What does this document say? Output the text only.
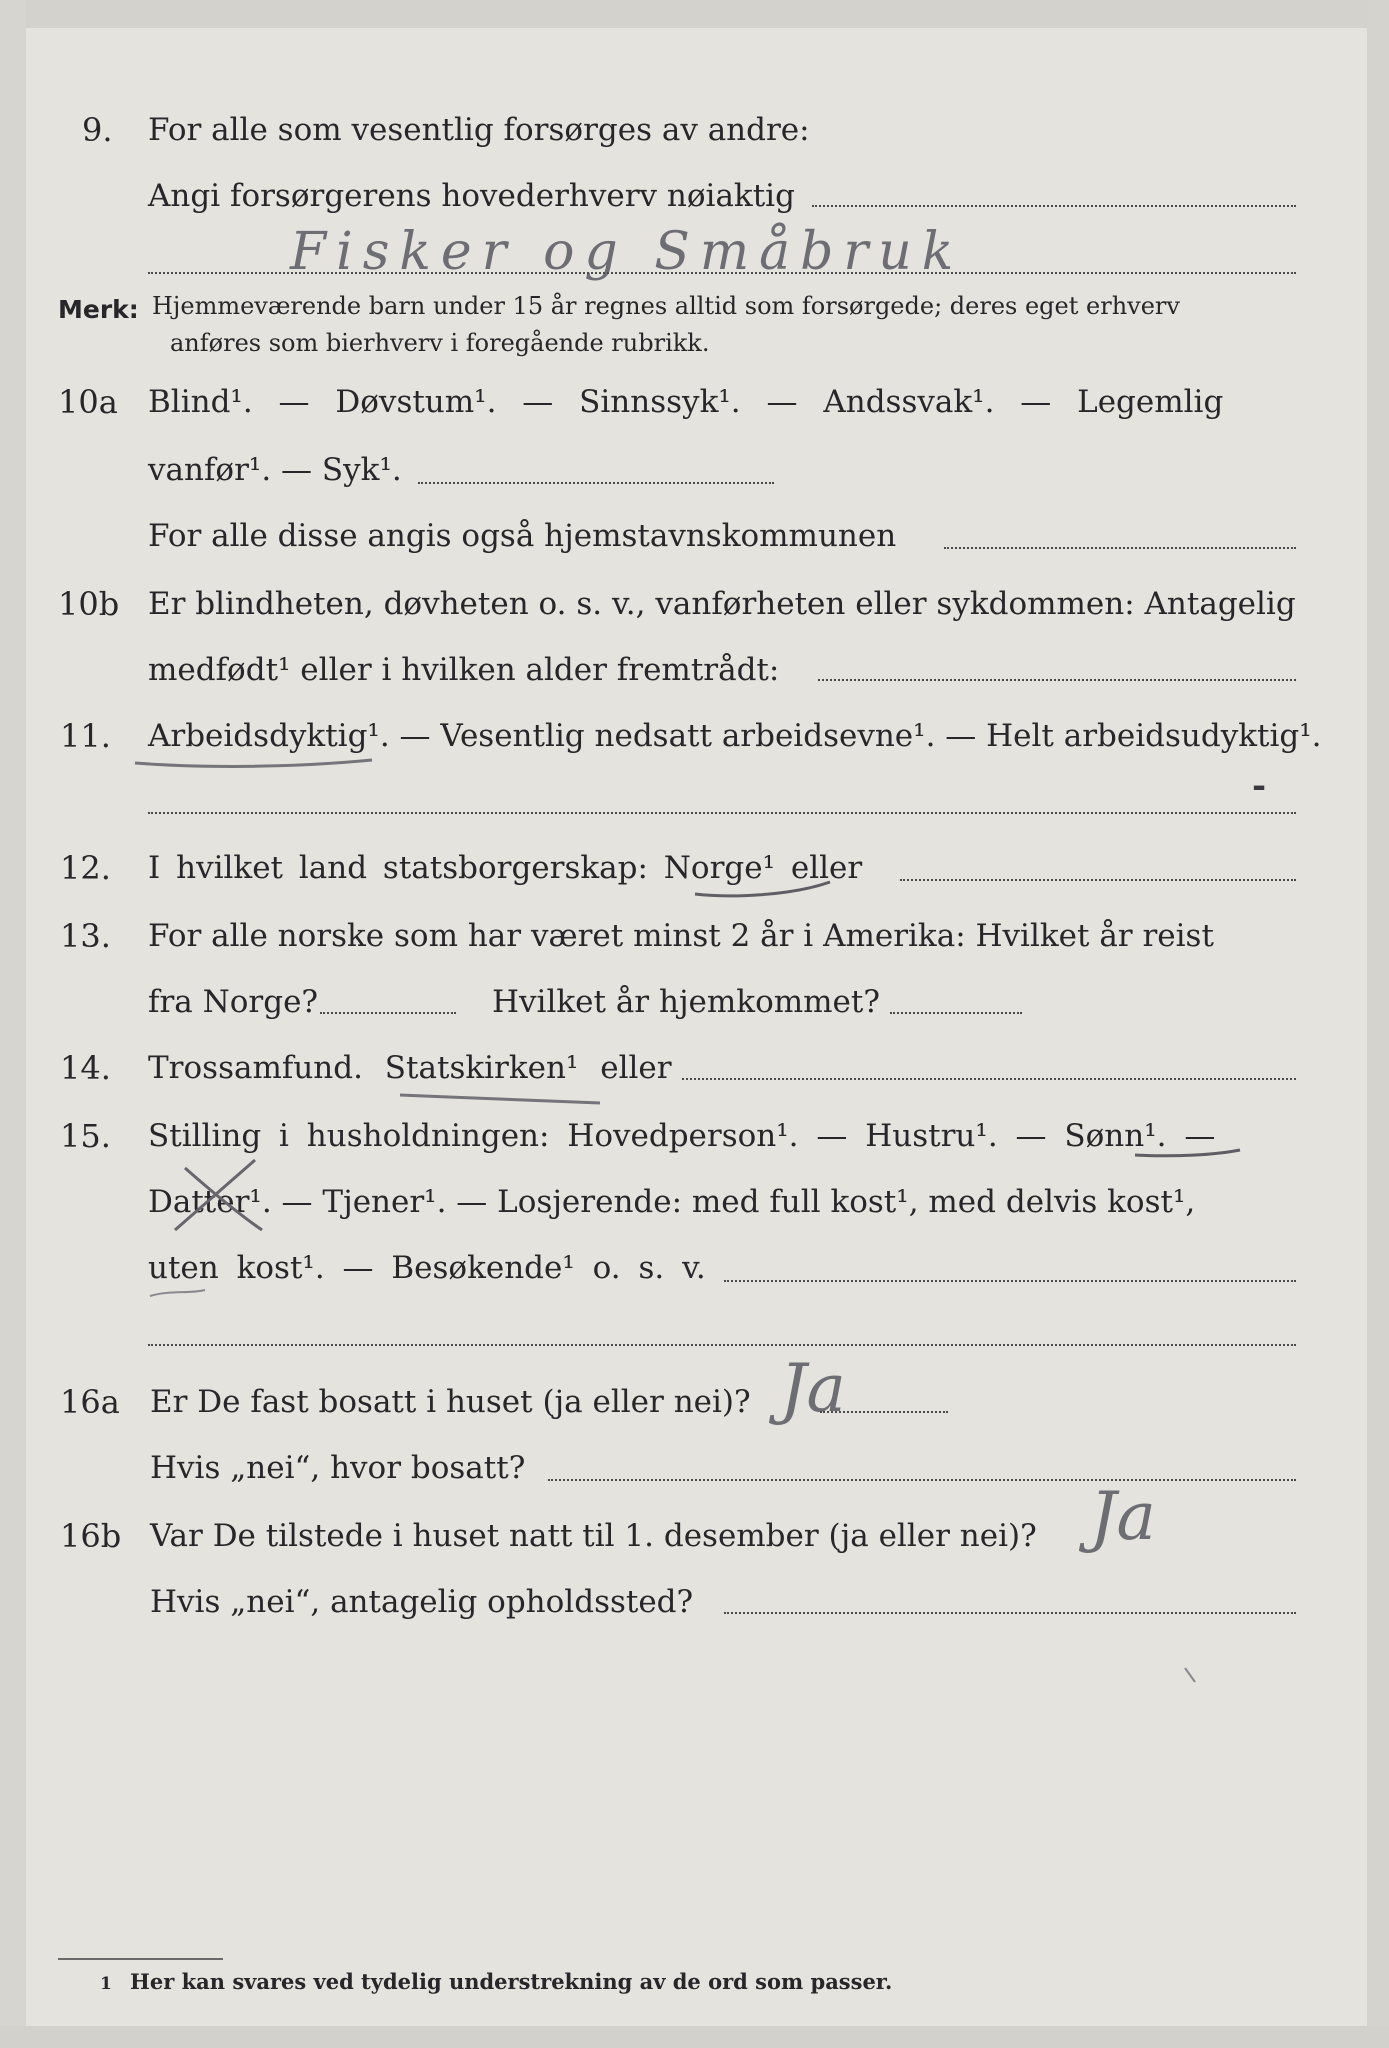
9. For alle som vesentlig forsørges av andre:
Angi forsørgerens hovederhverv nøiaktig
Fisker og Småbruk
Merk: Hjemmeværende barn under 15 år regnes alltid som forsørgede; deres eget erhverv
anføres som bierhverv i foregående rubrikk.
10a Blind¹. — Døvstum¹. — Sinnssyk¹. — Andssvak¹. — Legemlig
vanfør¹. — Syk¹.
For alle disse angis også hjemstavnskommunen
10b Er blindheten, døvheten o. s. v., vanførheten eller sykdommen: Antagelig
medfødt¹ eller i hvilken alder fremtrådt:
11. Arbeidsdyktig¹. — Vesentlig nedsatt arbeidsevne¹. — Helt arbeidsudyktig¹.
-
12. I hvilket land statsborgerskap: Norge¹ eller
13. For alle norske som har været minst 2 år i Amerika: Hvilket år reist
fra Norge?	Hvilket år hjemkommet?
14. Trossamfund. Statskirken¹ eller
15. Stilling i husholdningen: Hovedperson¹. — Hustru¹. — Sønn¹. —
Datter¹. — Tjener¹. — Losjerende: med full kost¹, med delvis kost¹,
uten kost¹. — Besøkende¹ o. s. v.
16a Er De fast bosatt i huset (ja eller nei)? Ja
Hvis „nei“, hvor bosatt?
16b Var De tilstede i huset natt til 1. desember (ja eller nei)? Ja
Hvis „nei“, antagelig opholdssted?
1 Her kan svares ved tydelig understrekning av de ord som passer.
